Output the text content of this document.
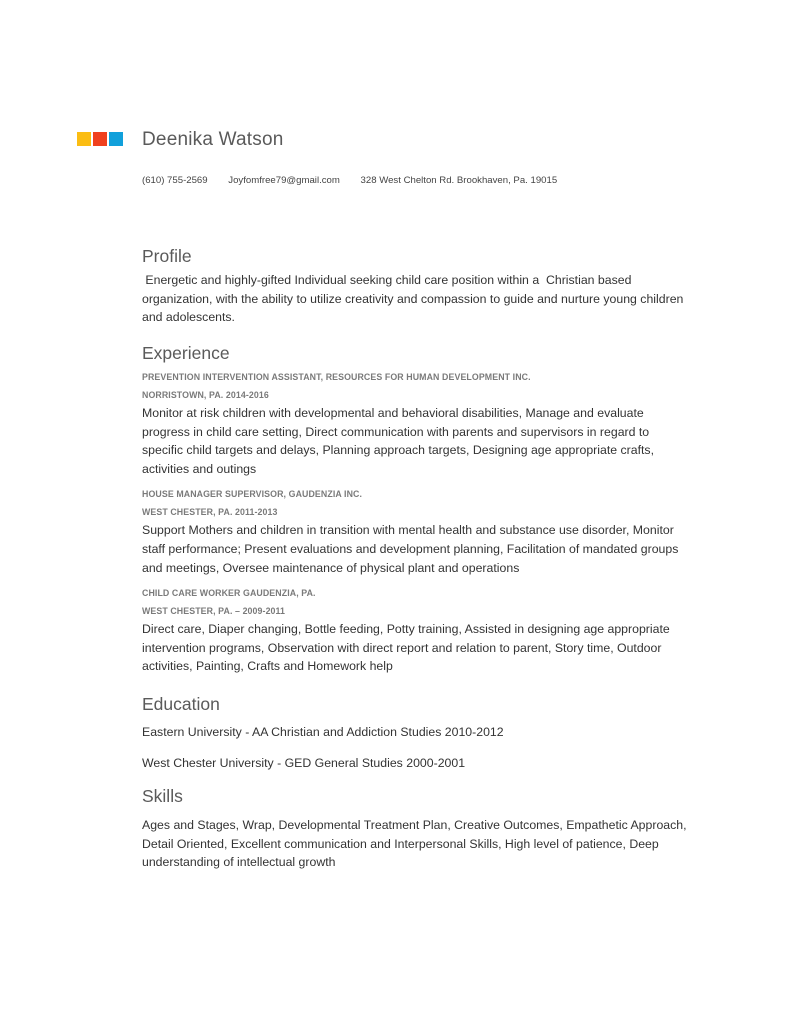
Deenika Watson
(610) 755-2569 Joyfomfree79@gmail.com 328 West Chelton Rd. Brookhaven, Pa. 19015
Profile

Energetic and highly-gifted Individual seeking child care position within a  Christian based organization, with the ability to utilize creativity and compassion to guide and nurture young children and adolescents.

Experience

PREVENTION INTERVENTION ASSISTANT, RESOURCES FOR HUMAN DEVELOPMENT INC.

NORRISTOWN, PA. 2014-2016

Monitor at risk children with developmental and behavioral disabilities, Manage and evaluate progress in child care setting, Direct communication with parents and supervisors in regard to specific child targets and delays, Planning approach targets, Designing age appropriate crafts, activities and outings

HOUSE MANAGER SUPERVISOR, GAUDENZIA INC.

WEST CHESTER, PA. 2011-2013

Support Mothers and children in transition with mental health and substance use disorder, Monitor staff performance; Present evaluations and development planning, Facilitation of mandated groups and meetings, Oversee maintenance of physical plant and operations

CHILD CARE WORKER GAUDENZIA, PA.

WEST CHESTER, PA. – 2009-2011

Direct care, Diaper changing, Bottle feeding, Potty training, Assisted in designing age appropriate intervention programs, Observation with direct report and relation to parent, Story time, Outdoor activities, Painting, Crafts and Homework help

Education

Eastern University - AA Christian and Addiction Studies 2010-2012

West Chester University - GED General Studies 2000-2001

Skills

Ages and Stages, Wrap, Developmental Treatment Plan, Creative Outcomes, Empathetic Approach,  Detail Oriented, Excellent communication and Interpersonal Skills, High level of patience, Deep understanding of intellectual growth
